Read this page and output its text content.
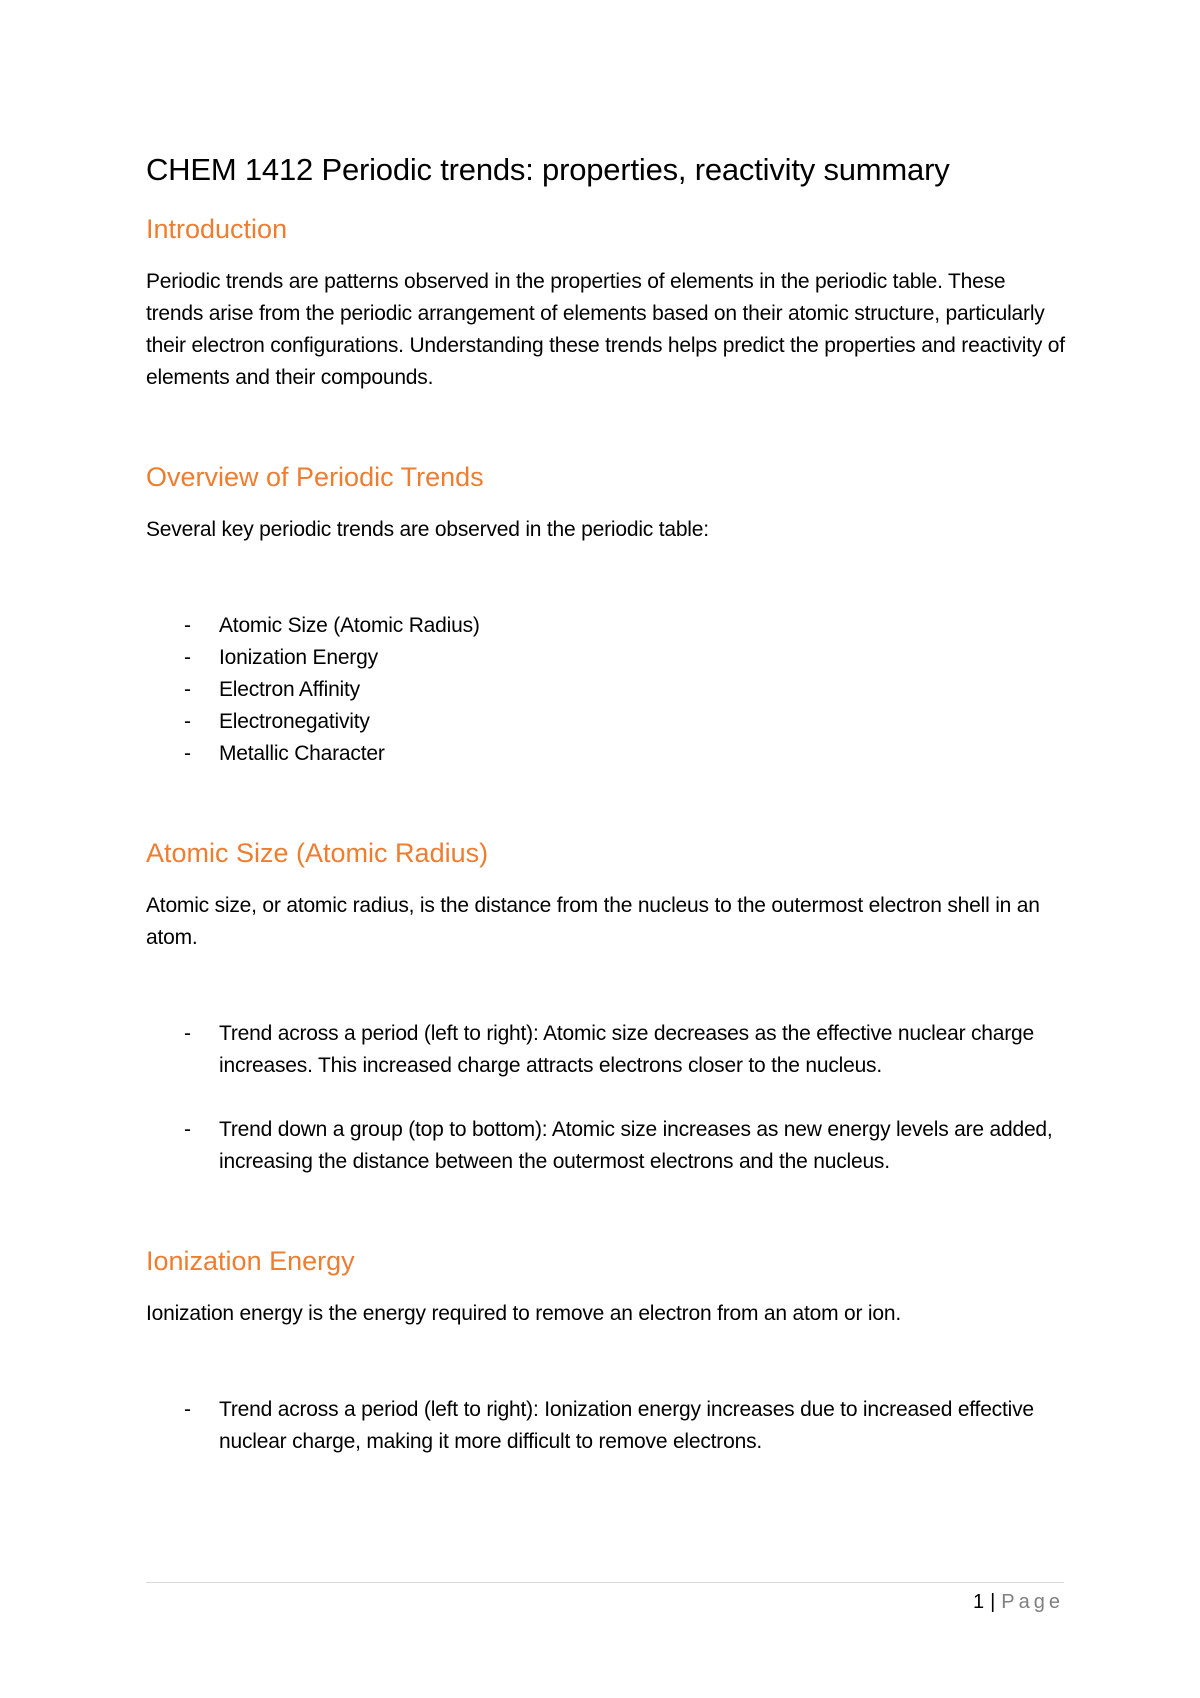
CHEM 1412 Periodic trends: properties, reactivity summary
Introduction

Periodic trends are patterns observed in the properties of elements in the periodic table. These trends arise from the periodic arrangement of elements based on their atomic structure, particularly their electron configurations. Understanding these trends helps predict the properties and reactivity of elements and their compounds.

Overview of Periodic Trends

Several key periodic trends are observed in the periodic table:

- Atomic Size (Atomic Radius)
- Ionization Energy
- Electron Affinity
- Electronegativity
- Metallic Character
Atomic Size (Atomic Radius)

Atomic size, or atomic radius, is the distance from the nucleus to the outermost electron shell in an atom.

- Trend across a period (left to right): Atomic size decreases as the effective nuclear charge increases. This increased charge attracts electrons closer to the nucleus.
- Trend down a group (top to bottom): Atomic size increases as new energy levels are added, increasing the distance between the outermost electrons and the nucleus.
Ionization Energy

Ionization energy is the energy required to remove an electron from an atom or ion.

- Trend across a period (left to right): Ionization energy increases due to increased effective nuclear charge, making it more difficult to remove electrons.
1 | Page
